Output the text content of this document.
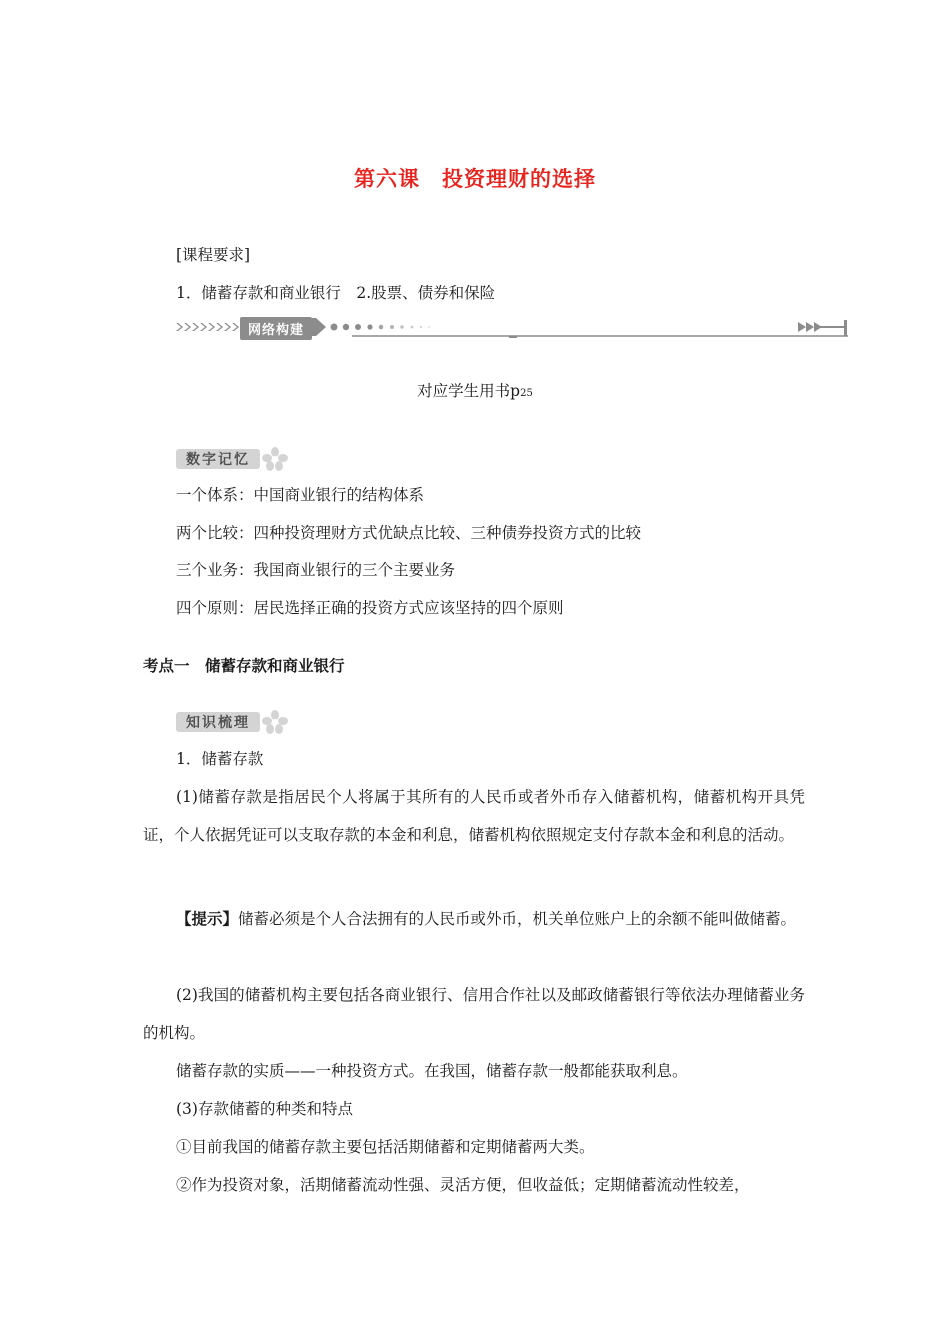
第六课 投资理财的选择
[课程要求]
1．储蓄存款和商业银行　2.股票、债券和保险
网络构建
对应学生用书p25
数字记忆
一个体系：中国商业银行的结构体系
两个比较：四种投资理财方式优缺点比较、三种债券投资方式的比较
三个业务：我国商业银行的三个主要业务
四个原则：居民选择正确的投资方式应该坚持的四个原则
考点一　储蓄存款和商业银行
知识梳理
1．储蓄存款
(1)储蓄存款是指居民个人将属于其所有的人民币或者外币存入储蓄机构，储蓄机构开具凭证，个人依据凭证可以支取存款的本金和利息，储蓄机构依照规定支付存款本金和利息的活动。
【提示】储蓄必须是个人合法拥有的人民币或外币，机关单位账户上的余额不能叫做储蓄。
(2)我国的储蓄机构主要包括各商业银行、信用合作社以及邮政储蓄银行等依法办理储蓄业务的机构。
储蓄存款的实质——一种投资方式。在我国，储蓄存款一般都能获取利息。
(3)存款储蓄的种类和特点
①目前我国的储蓄存款主要包括活期储蓄和定期储蓄两大类。
②作为投资对象，活期储蓄流动性强、灵活方便，但收益低；定期储蓄流动性较差，
